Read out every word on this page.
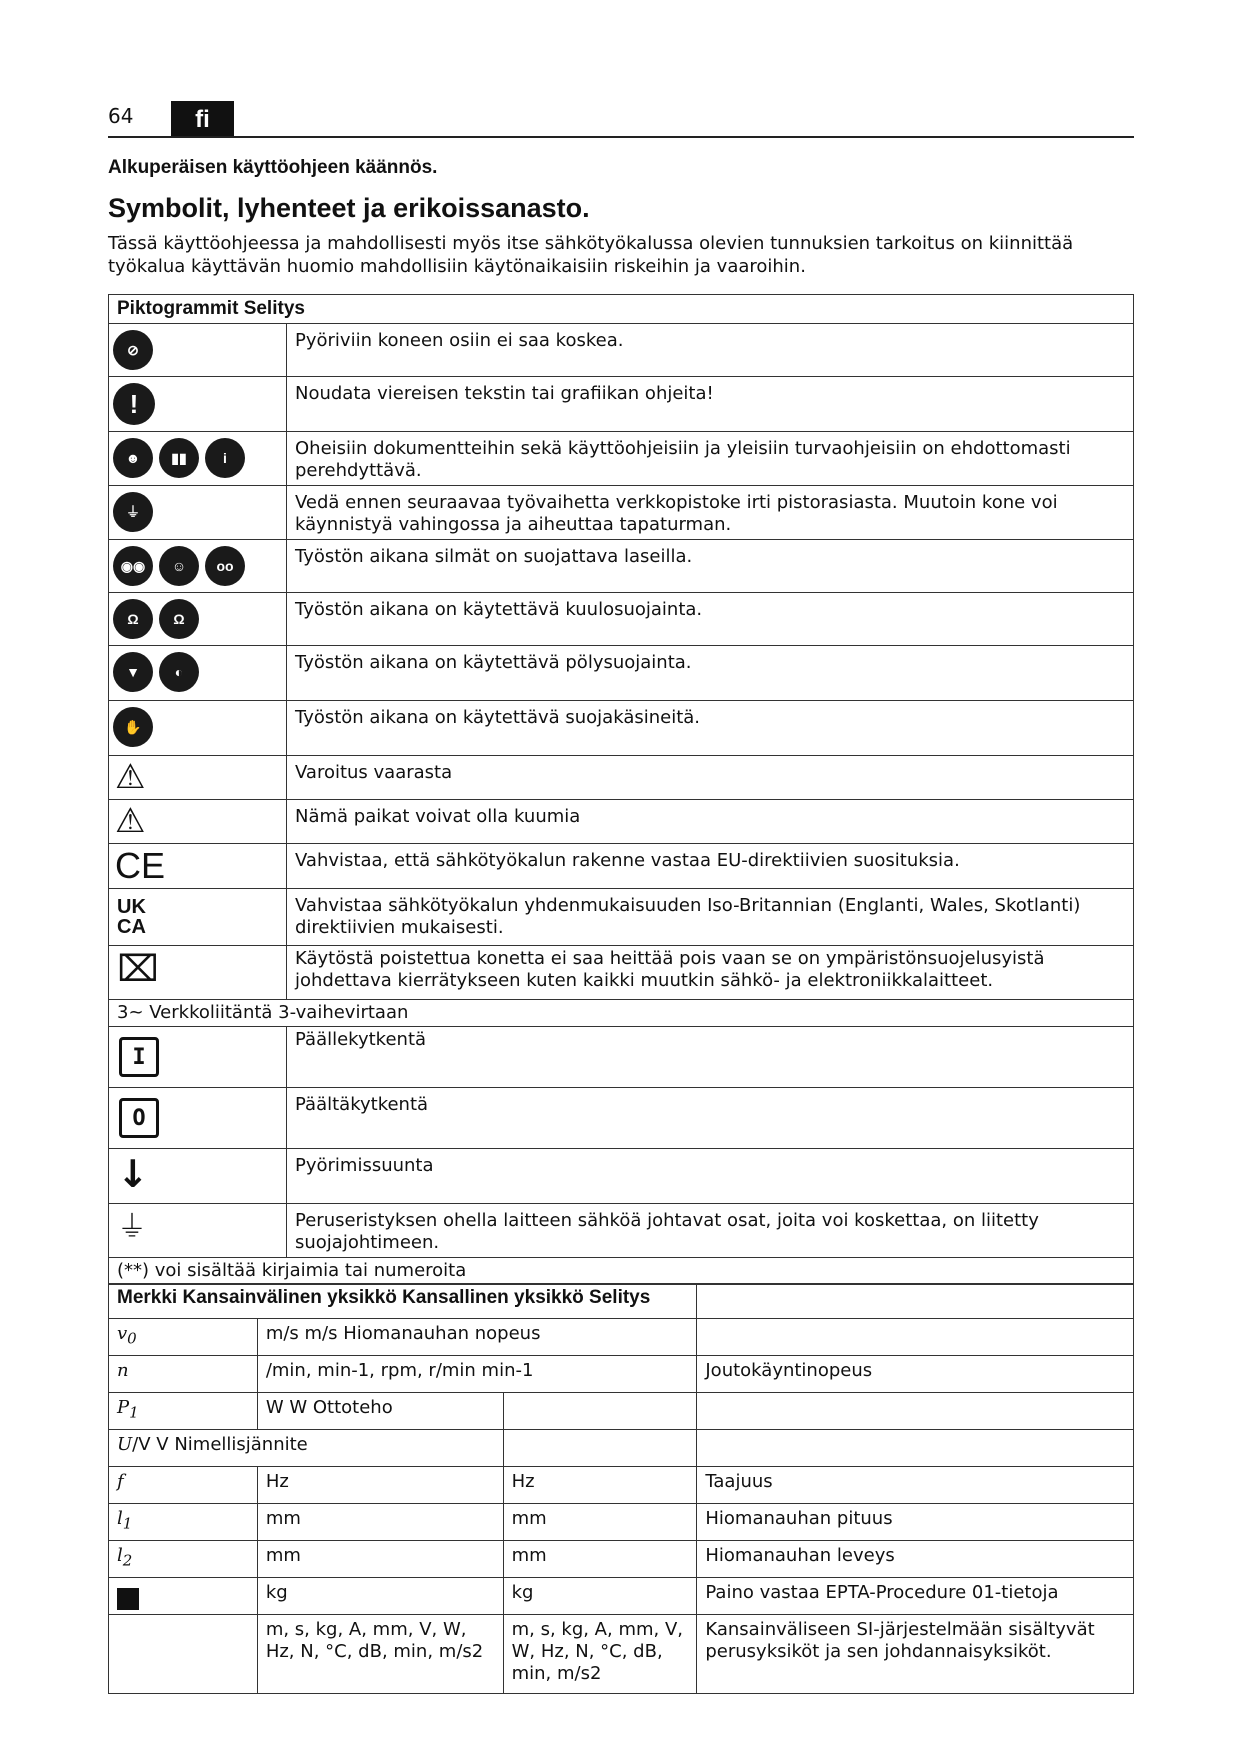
64	fi
Alkuperäisen käyttöohjeen käännös.
Symbolit, lyhenteet ja erikoissanasto.
Tässä käyttöohjeessa ja mahdollisesti myös itse sähkötyökalussa olevien tunnuksien tarkoitus on kiinnittää työkalua käyttävän huomio mahdollisiin käytönaikaisiin riskeihin ja vaaroihin.
Piktogrammit Selitys	

⊘	Pyöriviin koneen osiin ei saa koskea.

!	Noudata viereisen tekstin tai grafiikan ohjeita!

☻ ▮▮ i	Oheisiin dokumentteihin sekä käyttöohjeisiin ja yleisiin turvaohjeisiin on ehdottomasti perehdyttävä.

⏚	Vedä ennen seuraavaa työvaihetta verkkopistoke irti pistorasiasta. Muutoin kone voi käynnistyä vahingossa ja aiheuttaa tapaturman.

◉◉ ☺ oo	Työstön aikana silmät on suojattava laseilla.

Ω Ω	Työstön aikana on käytettävä kuulosuojainta.

▼ ◐	Työstön aikana on käytettävä pölysuojainta.

✋	Työstön aikana on käytettävä suojakäsineitä.

⚠	Varoitus vaarasta

⚠	Nämä paikat voivat olla kuumia

CE	Vahvistaa, että sähkötyökalun rakenne vastaa EU-direktiivien suosituksia.

UK
CA	Vahvistaa sähkötyökalun yhdenmukaisuuden Iso-Britannian (Englanti, Wales, Skotlanti) direktiivien mukaisesti.

⌧	Käytöstä poistettua konetta ei saa heittää pois vaan se on ympäristönsuojelusyistä johdettava kierrätykseen kuten kaikki muutkin sähkö- ja elektroniikkalaitteet.
3~ Verkkoliitäntä 3-vaihevirtaan	

I	Päällekytkentä

O	Päältäkytkentä

↓	Pyörimissuunta

⏚	Peruseristyksen ohella laitteen sähköä johtavat osat, joita voi koskettaa, on liitetty suojajohtimeen.
(**) voi sisältää kirjaimia tai numeroita	
Merkki Kansainvälinen yksikkö Kansallinen yksikkö Selitys			
$v_0$	m/s m/s Hiomanauhan nopeus		
n	/min, min-1, rpm, r/min min-1		Joutokäyntinopeus
$P_1$	W W Ottoteho		
U/V V Nimellisjännite			
f	Hz	Hz	Taajuus
$l_1$	mm	mm	Hiomanauhan pituus
$l_2$	mm	mm	Hiomanauhan leveys

	kg	kg	Paino vastaa EPTA-Procedure 01-tietoja
	m, s, kg, A, mm, V, W, Hz, N, °C, dB, min, m/s2	m, s, kg, A, mm, V, W, Hz, N, °C, dB, min, m/s2	Kansainväliseen SI-järjestelmään sisältyvät perusyksiköt ja sen johdannaisyksiköt.
